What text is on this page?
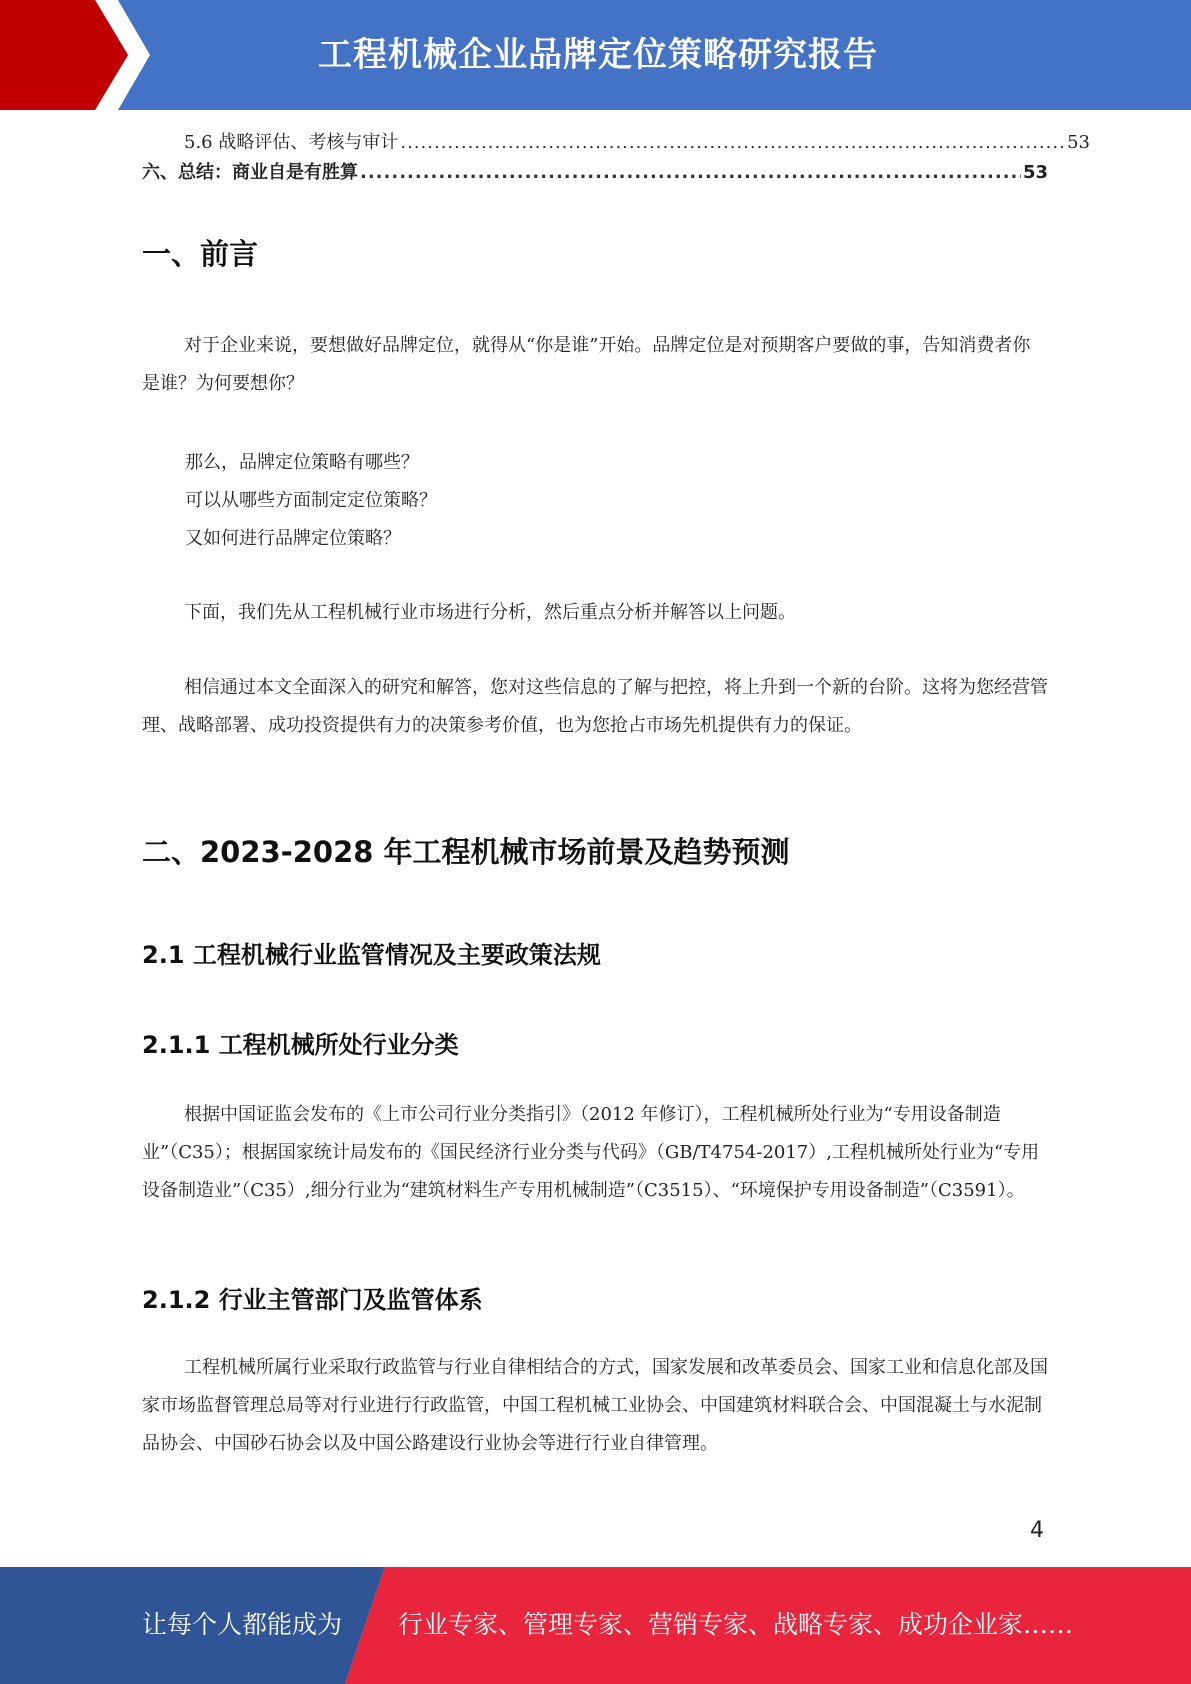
工程机械企业品牌定位策略研究报告
5.6 战略评估、考核与审计 .....	53
六、总结：商业自是有胜算 .....	53
一、前言

对于企业来说，要想做好品牌定位，就得从“你是谁”开始。品牌定位是对预期客户要做的事，告知消费者你是谁？为何要想你？

那么，品牌定位策略有哪些？
可以从哪些方面制定定位策略？
又如何进行品牌定位策略？

下面，我们先从工程机械行业市场进行分析，然后重点分析并解答以上问题。

相信通过本文全面深入的研究和解答，您对这些信息的了解与把控，将上升到一个新的台阶。这将为您经营管理、战略部署、成功投资提供有力的决策参考价值，也为您抢占市场先机提供有力的保证。

二、2023-2028 年工程机械市场前景及趋势预测
2.1 工程机械行业监管情况及主要政策法规
2.1.1 工程机械所处行业分类

根据中国证监会发布的《上市公司行业分类指引》（2012 年修订），工程机械所处行业为“专用设备制造业”（C35）；根据国家统计局发布的《国民经济行业分类与代码》（GB/T4754-2017）,工程机械所处行业为“专用设备制造业”（C35）,细分行业为“建筑材料生产专用机械制造”（C3515）、“环境保护专用设备制造”（C3591）。

2.1.2 行业主管部门及监管体系

工程机械所属行业采取行政监管与行业自律相结合的方式，国家发展和改革委员会、国家工业和信息化部及国家市场监督管理总局等对行业进行行政监管，中国工程机械工业协会、中国建筑材料联合会、中国混凝土与水泥制品协会、中国砂石协会以及中国公路建设行业协会等进行行业自律管理。

4
让每个人都能成为 行业专家、管理专家、营销专家、战略专家、成功企业家……
